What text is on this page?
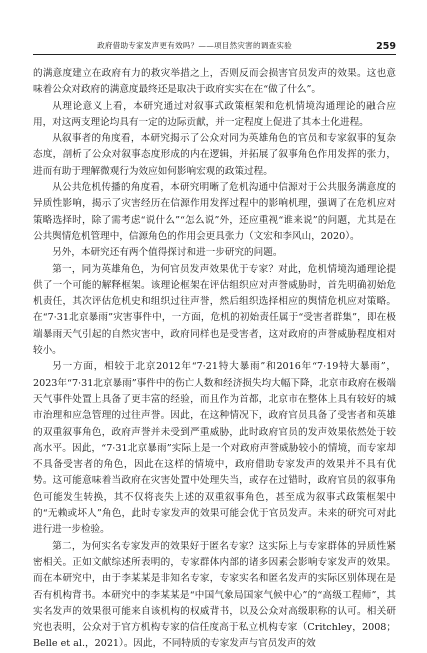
政府借助专家发声更有效吗？——项目然灾害的调查实验	259

的满意度建立在政府有力的救灾举措之上，否则反而会损害官员发声的效果。这也意味着公众对政府的满意度最终还是取决于政府实实在在“做了什么”。

从理论意义上看，本研究通过对叙事式政策框架和危机情境沟通理论的融合应用，对这两支理论均具有一定的边际贡献，并一定程度上促进了其本土化进程。

从叙事者的角度看，本研究揭示了公众对同为英雄角色的官员和专家叙事的复杂态度，剖析了公众对叙事态度形成的内在逻辑，并拓展了叙事角色作用发挥的张力，进而有助于理解微观行为效应如何影响宏观的政策过程。

从公共危机传播的角度看，本研究明晰了危机沟通中信源对于公共服务满意度的异质性影响，揭示了灾害经历在信源作用发挥过程中的影响机理，强调了在危机应对策略选择时，除了需考虑“说什么”“怎么说”外，还应重视“谁来说”的问题，尤其是在公共舆情危机管理中，信源角色的作用会更具张力（文宏和李风山，2020）。

另外，本研究还有两个值得探讨和进一步研究的问题。

第一，同为英雄角色，为何官员发声效果优于专家？对此，危机情境沟通理论提供了一个可能的解释框架。该理论框架在评估组织应对声誉威胁时，首先明确初始危机责任，其次评估危机史和组织过往声誉，然后组织选择相应的舆情危机应对策略。在“7·31北京暴雨”灾害事件中，一方面，危机的初始责任属于“受害者群集”，即在极端暴雨天气引起的自然灾害中，政府同样也是受害者，这对政府的声誉威胁程度相对较小。

另一方面，相较于北京2012年“7·21特大暴雨”和2016年“7·19特大暴雨”，2023年“7·31北京暴雨”事件中的伤亡人数和经济损失均大幅下降，北京市政府在极端天气事件处置上具备了更丰富的经验，而且作为首都，北京市在整体上具有较好的城市治理和应急管理的过往声誉。因此，在这种情况下，政府官员具备了受害者和英雄的双重叙事角色，政府声誉并未受到严重威胁，此时政府官员的发声效果依然处于较高水平。因此，“7·31北京暴雨”实际上是一个对政府声誉威胁较小的情境，而专家却不具备受害者的角色，因此在这样的情境中，政府借助专家发声的效果并不具有优势。这可能意味着当政府在灾害处置中处理失当，或存在过错时，政府官员的叙事角色可能发生转换，其不仅将丧失上述的双重叙事角色，甚至成为叙事式政策框架中的“无赖或坏人”角色，此时专家发声的效果可能会优于官员发声。未来的研究可对此进行进一步检验。

第二，为何实名专家发声的效果好于匿名专家？这实际上与专家群体的异质性紧密相关。正如文献综述所表明的，专家群体内部的诸多因素会影响专家发声的效果。而在本研究中，由于李某某是非知名专家，专家实名和匿名发声的实际区别体现在是否有机构背书。本研究中的李某某是“中国气象局国家气候中心”的“高级工程师”，其实名发声的效果很可能来自该机构的权威背书，以及公众对高级职称的认可。相关研究也表明，公众对于官方机构专家的信任度高于私立机构专家（Critchley，2008；Belle et al.，2021）。因此，不同特质的专家发声与官员发声的效
